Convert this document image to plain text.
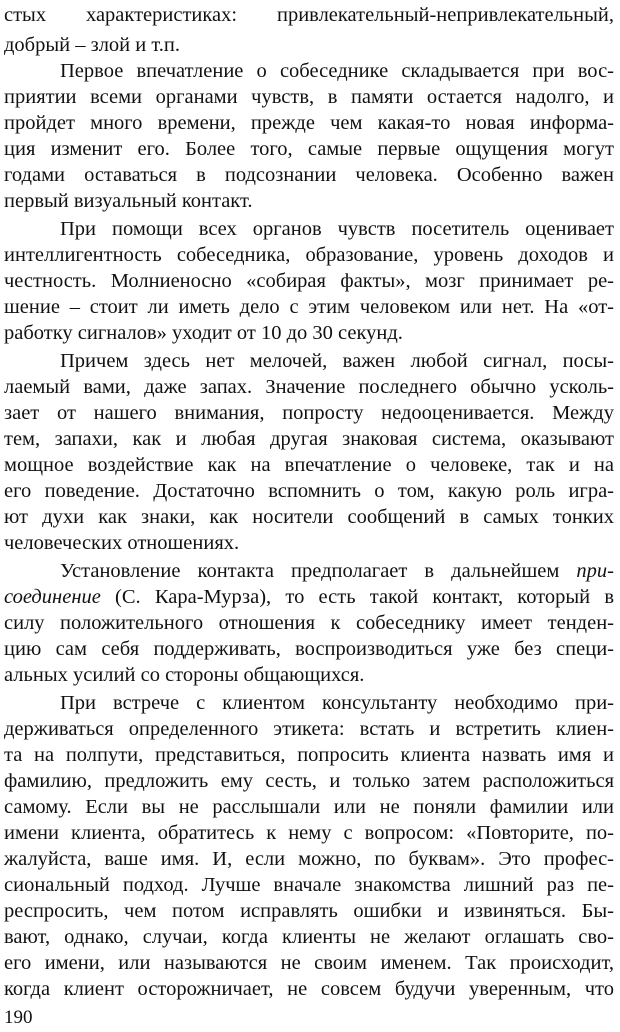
стых характеристиках: привлекательный-непривлекательный,
добрый – злой и т.п.
Первое впечатление о собеседнике складывается при вос-
приятии всеми органами чувств, в памяти остается надолго, и
пройдет много времени, прежде чем какая-то новая информа-
ция изменит его. Более того, самые первые ощущения могут
годами оставаться в подсознании человека. Особенно важен
первый визуальный контакт.
При помощи всех органов чувств посетитель оценивает
интеллигентность собеседника, образование, уровень доходов и
честность. Молниеносно «собирая факты», мозг принимает ре-
шение – стоит ли иметь дело с этим человеком или нет. На «от-
работку сигналов» уходит от 10 до 30 секунд.
Причем здесь нет мелочей, важен любой сигнал, посы-
лаемый вами, даже запах. Значение последнего обычно усколь-
зает от нашего внимания, попросту недооценивается. Между
тем, запахи, как и любая другая знаковая система, оказывают
мощное воздействие как на впечатление о человеке, так и на
его поведение. Достаточно вспомнить о том, какую роль игра-
ют духи как знаки, как носители сообщений в самых тонких
человеческих отношениях.
Установление контакта предполагает в дальнейшем при-
соединение (С. Кара-Мурза), то есть такой контакт, который в
силу положительного отношения к собеседнику имеет тенден-
цию сам себя поддерживать, воспроизводиться уже без специ-
альных усилий со стороны общающихся.
При встрече с клиентом консультанту необходимо при-
держиваться определенного этикета: встать и встретить клиен-
та на полпути, представиться, попросить клиента назвать имя и
фамилию, предложить ему сесть, и только затем расположиться
самому. Если вы не расслышали или не поняли фамилии или
имени клиента, обратитесь к нему с вопросом: «Повторите, по-
жалуйста, ваше имя. И, если можно, по буквам». Это профес-
сиональный подход. Лучше вначале знакомства лишний раз пе-
респросить, чем потом исправлять ошибки и извиняться. Бы-
вают, однако, случаи, когда клиенты не желают оглашать сво-
его имени, или называются не своим именем. Так происходит,
когда клиент осторожничает, не совсем будучи уверенным, что
190
